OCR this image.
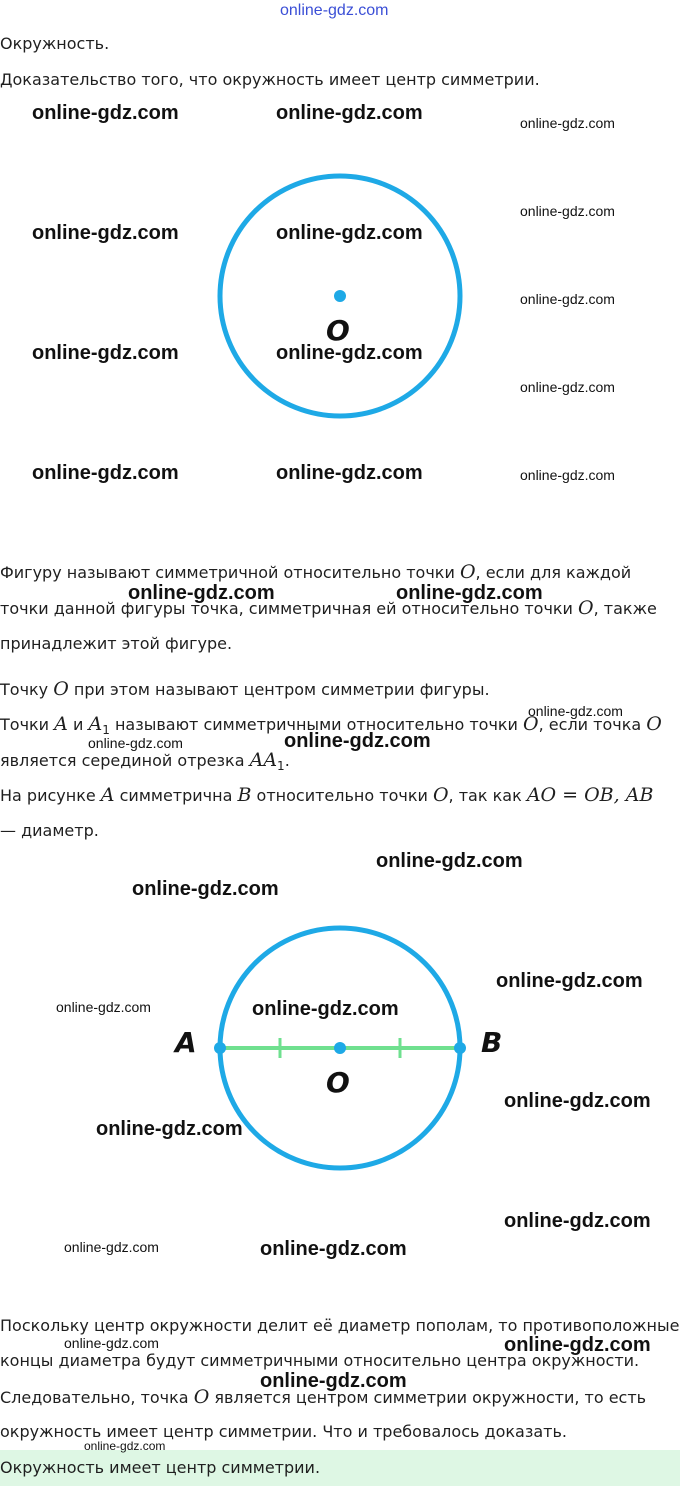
online-gdz.com
Окружность.
Доказательство того, что окружность имеет центр симметрии.
O
Фигуру называют симметричной относительно точки O, если для каждой
точки данной фигуры точка, симметричная ей относительно точки O, также
принадлежит этой фигуре.
Точку O при этом называют центром симметрии фигуры.
Точки A и $A_1$ называют симметричными относительно точки O, если точка O
является серединой отрезка $AA_1$.
На рисунке A симметрична B относительно точки O, так как AO = OB, AB
— диаметр.
A	B
O
Поскольку центр окружности делит её диаметр пополам, то противоположные
концы диаметра будут симметричными относительно центра окружности.
Следовательно, точка O является центром симметрии окружности, то есть
окружность имеет центр симметрии. Что и требовалось доказать.
Окружность имеет центр симметрии.
online-gdz.com	online-gdz.com	online-gdz.com
online-gdz.com
online-gdz.com	online-gdz.com
online-gdz.com
online-gdz.com	online-gdz.com
online-gdz.com
online-gdz.com	online-gdz.com	online-gdz.com
online-gdz.com	online-gdz.com
online-gdz.com
online-gdz.com	online-gdz.com
online-gdz.com
online-gdz.com
online-gdz.com
online-gdz.com	online-gdz.com
online-gdz.com
online-gdz.com
online-gdz.com
online-gdz.com	online-gdz.com
online-gdz.com	online-gdz.com
online-gdz.com
online-gdz.com
